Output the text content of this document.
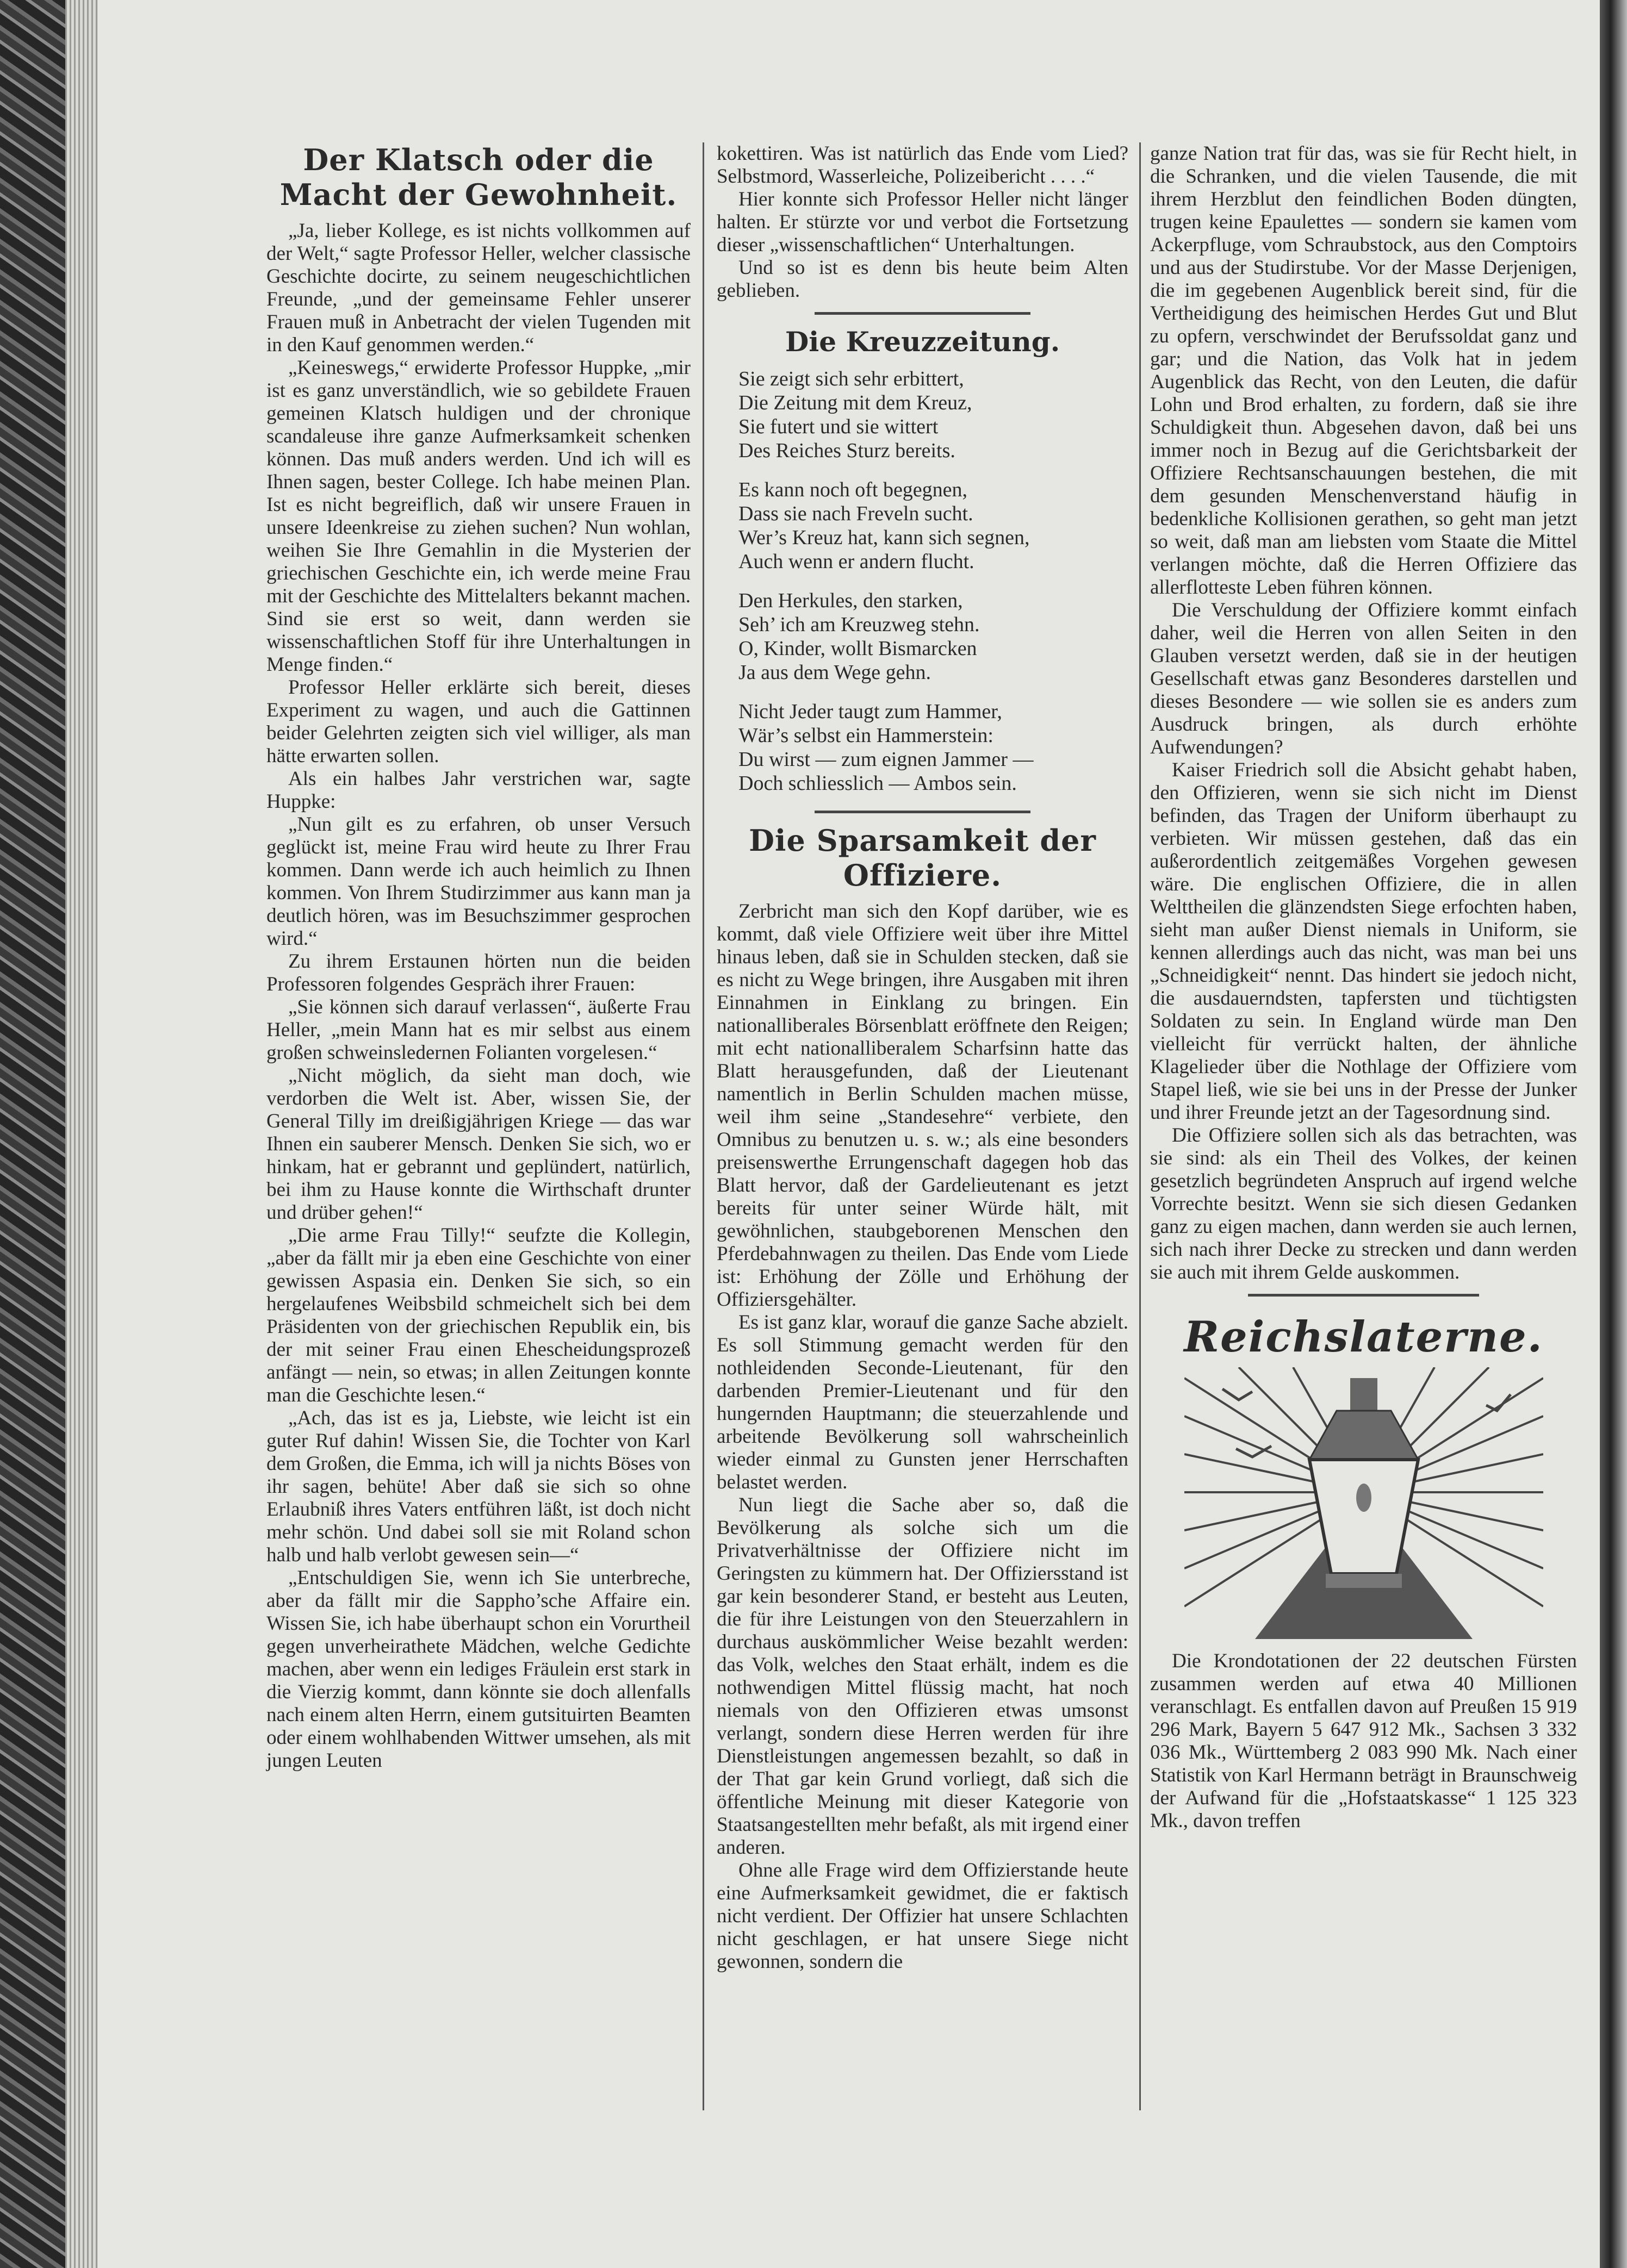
Der Klatsch oder die Macht der Gewohnheit.

„Ja, lieber Kollege, es ist nichts vollkommen auf der Welt,“ sagte Professor Heller, welcher classische Geschichte docirte, zu seinem neugeschichtlichen Freunde, „und der gemeinsame Fehler unserer Frauen muß in Anbetracht der vielen Tugenden mit in den Kauf genommen werden.“

„Keineswegs,“ erwiderte Professor Huppke, „mir ist es ganz unverständlich, wie so gebildete Frauen gemeinen Klatsch huldigen und der chronique scandaleuse ihre ganze Aufmerksamkeit schenken können. Das muß anders werden. Und ich will es Ihnen sagen, bester College. Ich habe meinen Plan. Ist es nicht begreiflich, daß wir unsere Frauen in unsere Ideenkreise zu ziehen suchen? Nun wohlan, weihen Sie Ihre Gemahlin in die Mysterien der griechischen Geschichte ein, ich werde meine Frau mit der Geschichte des Mittelalters bekannt machen. Sind sie erst so weit, dann werden sie wissenschaftlichen Stoff für ihre Unterhaltungen in Menge finden.“

Professor Heller erklärte sich bereit, dieses Experiment zu wagen, und auch die Gattinnen beider Gelehrten zeigten sich viel williger, als man hätte erwarten sollen.

Als ein halbes Jahr verstrichen war, sagte Huppke:

„Nun gilt es zu erfahren, ob unser Versuch geglückt ist, meine Frau wird heute zu Ihrer Frau kommen. Dann werde ich auch heimlich zu Ihnen kommen. Von Ihrem Studirzimmer aus kann man ja deutlich hören, was im Besuchszimmer gesprochen wird.“

Zu ihrem Erstaunen hörten nun die beiden Professoren folgendes Gespräch ihrer Frauen:

„Sie können sich darauf verlassen“, äußerte Frau Heller, „mein Mann hat es mir selbst aus einem großen schweinsledernen Folianten vorgelesen.“

„Nicht möglich, da sieht man doch, wie verdorben die Welt ist. Aber, wissen Sie, der General Tilly im dreißigjährigen Kriege — das war Ihnen ein sauberer Mensch. Denken Sie sich, wo er hinkam, hat er gebrannt und geplündert, natürlich, bei ihm zu Hause konnte die Wirthschaft drunter und drüber gehen!“

„Die arme Frau Tilly!“ seufzte die Kollegin, „aber da fällt mir ja eben eine Geschichte von einer gewissen Aspasia ein. Denken Sie sich, so ein hergelaufenes Weibsbild schmeichelt sich bei dem Präsidenten von der griechischen Republik ein, bis der mit seiner Frau einen Ehescheidungsprozeß anfängt — nein, so etwas; in allen Zeitungen konnte man die Geschichte lesen.“

„Ach, das ist es ja, Liebste, wie leicht ist ein guter Ruf dahin! Wissen Sie, die Tochter von Karl dem Großen, die Emma, ich will ja nichts Böses von ihr sagen, behüte! Aber daß sie sich so ohne Erlaubniß ihres Vaters entführen läßt, ist doch nicht mehr schön. Und dabei soll sie mit Roland schon halb und halb verlobt gewesen sein—“

„Entschuldigen Sie, wenn ich Sie unterbreche, aber da fällt mir die Sappho’sche Affaire ein. Wissen Sie, ich habe überhaupt schon ein Vorurtheil gegen unverheirathete Mädchen, welche Gedichte machen, aber wenn ein lediges Fräulein erst stark in die Vierzig kommt, dann könnte sie doch allenfalls nach einem alten Herrn, einem gutsituirten Beamten oder einem wohlhabenden Wittwer umsehen, als mit jungen Leuten

kokettiren. Was ist natürlich das Ende vom Lied? Selbstmord, Wasserleiche, Polizeibericht . . . .“

Hier konnte sich Professor Heller nicht länger halten. Er stürzte vor und verbot die Fortsetzung dieser „wissenschaftlichen“ Unterhaltungen.

Und so ist es denn bis heute beim Alten geblieben.

Die Kreuzzeitung.
Sie zeigt sich sehr erbittert,
Die Zeitung mit dem Kreuz,
Sie futert und sie wittert
Des Reiches Sturz bereits.
Es kann noch oft begegnen,
Dass sie nach Freveln sucht.
Wer’s Kreuz hat, kann sich segnen,
Auch wenn er andern flucht.
Den Herkules, den starken,
Seh’ ich am Kreuzweg stehn.
O, Kinder, wollt Bismarcken
Ja aus dem Wege gehn.
Nicht Jeder taugt zum Hammer,
Wär’s selbst ein Hammerstein:
Du wirst — zum eignen Jammer —
Doch schliesslich — Ambos sein.
Die Sparsamkeit der Offiziere.

Zerbricht man sich den Kopf darüber, wie es kommt, daß viele Offiziere weit über ihre Mittel hinaus leben, daß sie in Schulden stecken, daß sie es nicht zu Wege bringen, ihre Ausgaben mit ihren Einnahmen in Einklang zu bringen. Ein nationalliberales Börsenblatt eröffnete den Reigen; mit echt nationalliberalem Scharfsinn hatte das Blatt herausgefunden, daß der Lieutenant namentlich in Berlin Schulden machen müsse, weil ihm seine „Standesehre“ verbiete, den Omnibus zu benutzen u. s. w.; als eine besonders preisenswerthe Errungenschaft dagegen hob das Blatt hervor, daß der Gardelieutenant es jetzt bereits für unter seiner Würde hält, mit gewöhnlichen, staubgeborenen Menschen den Pferdebahnwagen zu theilen. Das Ende vom Liede ist: Erhöhung der Zölle und Erhöhung der Offiziersgehälter.

Es ist ganz klar, worauf die ganze Sache abzielt. Es soll Stimmung gemacht werden für den nothleidenden Seconde-Lieutenant, für den darbenden Premier-Lieutenant und für den hungernden Hauptmann; die steuerzahlende und arbeitende Bevölkerung soll wahrscheinlich wieder einmal zu Gunsten jener Herrschaften belastet werden.

Nun liegt die Sache aber so, daß die Bevölkerung als solche sich um die Privatverhältnisse der Offiziere nicht im Geringsten zu kümmern hat. Der Offiziersstand ist gar kein besonderer Stand, er besteht aus Leuten, die für ihre Leistungen von den Steuerzahlern in durchaus auskömmlicher Weise bezahlt werden: das Volk, welches den Staat erhält, indem es die nothwendigen Mittel flüssig macht, hat noch niemals von den Offizieren etwas umsonst verlangt, sondern diese Herren werden für ihre Dienstleistungen angemessen bezahlt, so daß in der That gar kein Grund vorliegt, daß sich die öffentliche Meinung mit dieser Kategorie von Staatsangestellten mehr befaßt, als mit irgend einer anderen.

Ohne alle Frage wird dem Offizierstande heute eine Aufmerksamkeit gewidmet, die er faktisch nicht verdient. Der Offizier hat unsere Schlachten nicht geschlagen, er hat unsere Siege nicht gewonnen, sondern die

ganze Nation trat für das, was sie für Recht hielt, in die Schranken, und die vielen Tausende, die mit ihrem Herzblut den feindlichen Boden düngten, trugen keine Epaulettes — sondern sie kamen vom Ackerpfluge, vom Schraubstock, aus den Comptoirs und aus der Studirstube. Vor der Masse Derjenigen, die im gegebenen Augenblick bereit sind, für die Vertheidigung des heimischen Herdes Gut und Blut zu opfern, verschwindet der Berufssoldat ganz und gar; und die Nation, das Volk hat in jedem Augenblick das Recht, von den Leuten, die dafür Lohn und Brod erhalten, zu fordern, daß sie ihre Schuldigkeit thun. Abgesehen davon, daß bei uns immer noch in Bezug auf die Gerichtsbarkeit der Offiziere Rechtsanschauungen bestehen, die mit dem gesunden Menschenverstand häufig in bedenkliche Kollisionen gerathen, so geht man jetzt so weit, daß man am liebsten vom Staate die Mittel verlangen möchte, daß die Herren Offiziere das allerflotteste Leben führen können.

Die Verschuldung der Offiziere kommt einfach daher, weil die Herren von allen Seiten in den Glauben versetzt werden, daß sie in der heutigen Gesellschaft etwas ganz Besonderes darstellen und dieses Besondere — wie sollen sie es anders zum Ausdruck bringen, als durch erhöhte Aufwendungen?

Kaiser Friedrich soll die Absicht gehabt haben, den Offizieren, wenn sie sich nicht im Dienst befinden, das Tragen der Uniform überhaupt zu verbieten. Wir müssen gestehen, daß das ein außerordentlich zeitgemäßes Vorgehen gewesen wäre. Die englischen Offiziere, die in allen Welttheilen die glänzendsten Siege erfochten haben, sieht man außer Dienst niemals in Uniform, sie kennen allerdings auch das nicht, was man bei uns „Schneidigkeit“ nennt. Das hindert sie jedoch nicht, die ausdauerndsten, tapfersten und tüchtigsten Soldaten zu sein. In England würde man Den vielleicht für verrückt halten, der ähnliche Klagelieder über die Nothlage der Offiziere vom Stapel ließ, wie sie bei uns in der Presse der Junker und ihrer Freunde jetzt an der Tagesordnung sind.

Die Offiziere sollen sich als das betrachten, was sie sind: als ein Theil des Volkes, der keinen gesetzlich begründeten Anspruch auf irgend welche Vorrechte besitzt. Wenn sie sich diesen Gedanken ganz zu eigen machen, dann werden sie auch lernen, sich nach ihrer Decke zu strecken und dann werden sie auch mit ihrem Gelde auskommen.

Reichslaterne.

Die Krondotationen der 22 deutschen Fürsten zusammen werden auf etwa 40 Millionen veranschlagt. Es entfallen davon auf Preußen 15 919 296 Mark, Bayern 5 647 912 Mk., Sachsen 3 332 036 Mk., Württemberg 2 083 990 Mk. Nach einer Statistik von Karl Hermann beträgt in Braunschweig der Aufwand für die „Hofstaatskasse“ 1 125 323 Mk., davon treffen
